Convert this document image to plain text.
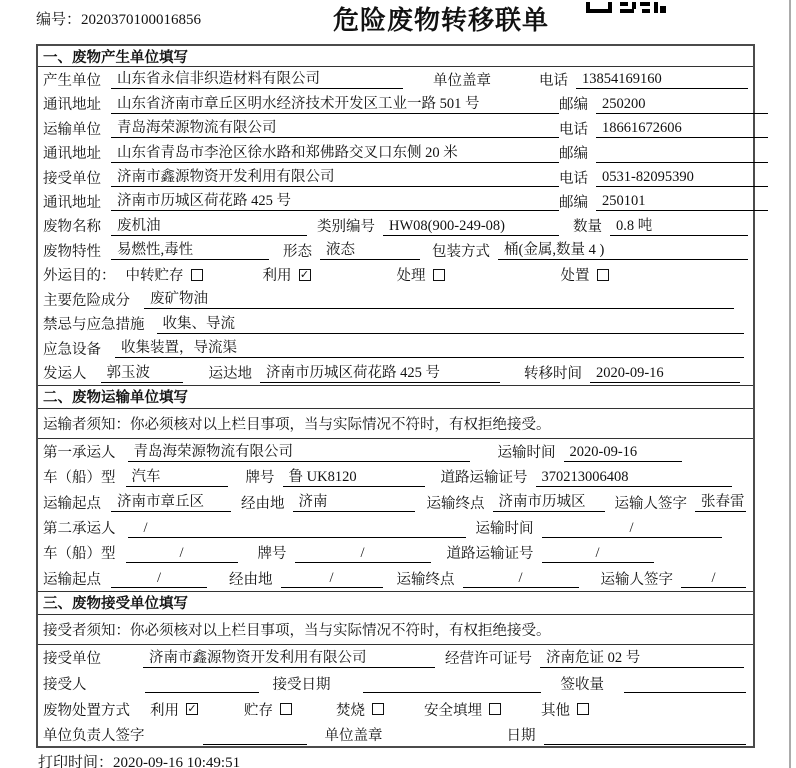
编号：2020370100016856	危险废物转移联单
一、废物产生单位填写
产生单位	山东省永信非织造材料有限公司	单位盖章	电话 13854169160
通讯地址	山东省济南市章丘区明水经济技术开发区工业一路 501 号	邮编 250200
运输单位	青岛海荣源物流有限公司	电话 18661672606
通讯地址	山东省青岛市李沧区徐水路和郑佛路交叉口东侧 20 米	邮编
接受单位	济南市鑫源物资开发利用有限公司	电话 0531-82095390
通讯地址	济南市历城区荷花路 425 号	邮编 250101
废物名称	废机油	类别编号 HW08(900-249-08)	数量 0.8 吨
废物特性	易燃性,毒性	形态 液态	包装方式 桶(金属,数量 4 )
外运目的： 中转贮存	利用 ✓	处理	处置
主要危险成分	废矿物油
禁忌与应急措施	收集、导流
应急设备	收集装置，导流渠
发运人	郭玉波	运达地 济南市历城区荷花路 425 号	转移时间 2020-09-16
二、废物运输单位填写
运输者须知：你必须核对以上栏目事项，当与实际情况不符时，有权拒绝接受。
第一承运人	青岛海荣源物流有限公司	运输时间 2020-09-16
车（船）型	汽车	牌号 鲁 UK8120	道路运输证号 370213006408
运输起点	济南市章丘区	经由地 济南	运输终点 济南市历城区	运输人签字 张春雷
第二承运人	/	运输时间	/
车（船）型	/	牌号	/	道路运输证号	/
运输起点	/	经由地	/	运输终点	/	运输人签字	/
三、废物接受单位填写
接受者须知：你必须核对以上栏目事项，当与实际情况不符时，有权拒绝接受。
接受单位	济南市鑫源物资开发利用有限公司	经营许可证号 济南危证 02 号
接受人	接受日期	签收量
废物处置方式 利用 ✓	贮存	焚烧	安全填埋	其他
单位负责人签字	单位盖章	日期
打印时间：2020-09-16 10:49:51
